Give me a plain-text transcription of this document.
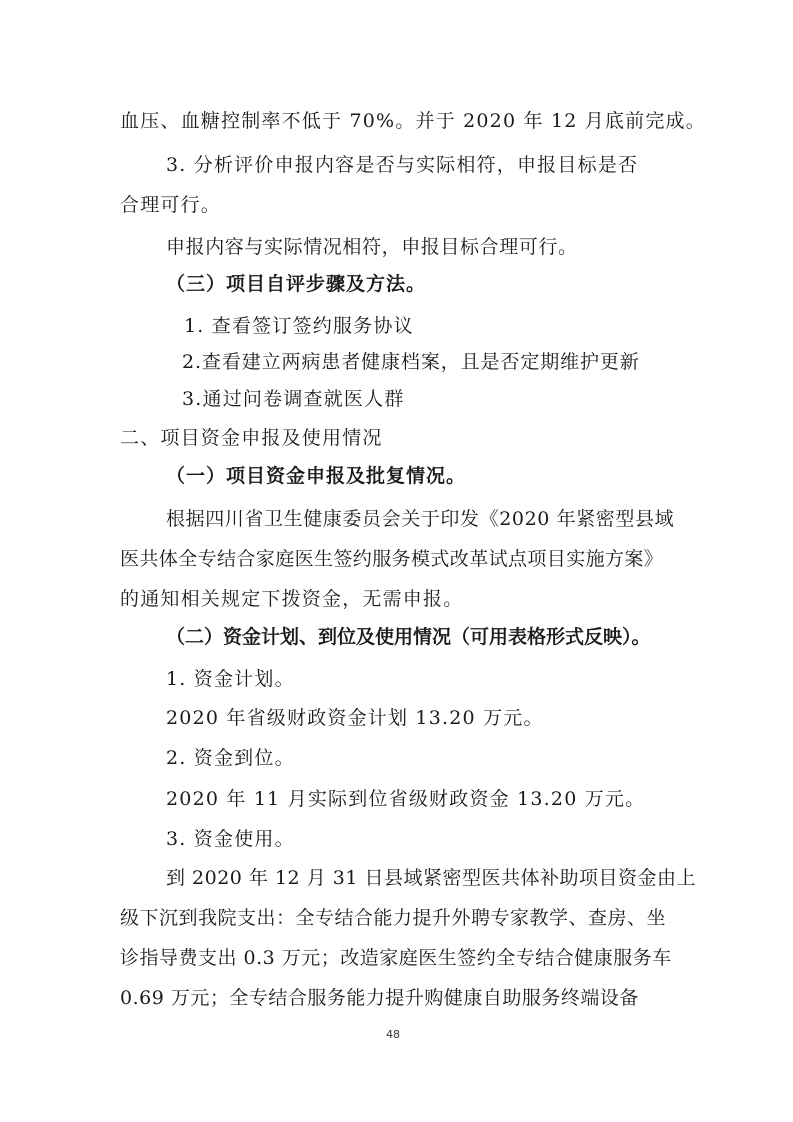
血压、血糖控制率不低于 70%。并于 2020 年 12 月底前完成。
3. 分析评价申报内容是否与实际相符，申报目标是否
合理可行。
申报内容与实际情况相符，申报目标合理可行。
（三）项目自评步骤及方法。
1. 查看签订签约服务协议
2.查看建立两病患者健康档案，且是否定期维护更新
3.通过问卷调查就医人群
二、项目资金申报及使用情况
（一）项目资金申报及批复情况。
根据四川省卫生健康委员会关于印发《2020 年紧密型县域
医共体全专结合家庭医生签约服务模式改革试点项目实施方案》
的通知相关规定下拨资金，无需申报。
（二）资金计划、到位及使用情况（可用表格形式反映）。
1. 资金计划。
2020 年省级财政资金计划 13.20 万元。
2. 资金到位。
2020 年 11 月实际到位省级财政资金 13.20 万元。
3. 资金使用。
到 2020 年 12 月 31 日县域紧密型医共体补助项目资金由上
级下沉到我院支出：全专结合能力提升外聘专家教学、查房、坐
诊指导费支出 0.3 万元；改造家庭医生签约全专结合健康服务车
0.69 万元；全专结合服务能力提升购健康自助服务终端设备
48
